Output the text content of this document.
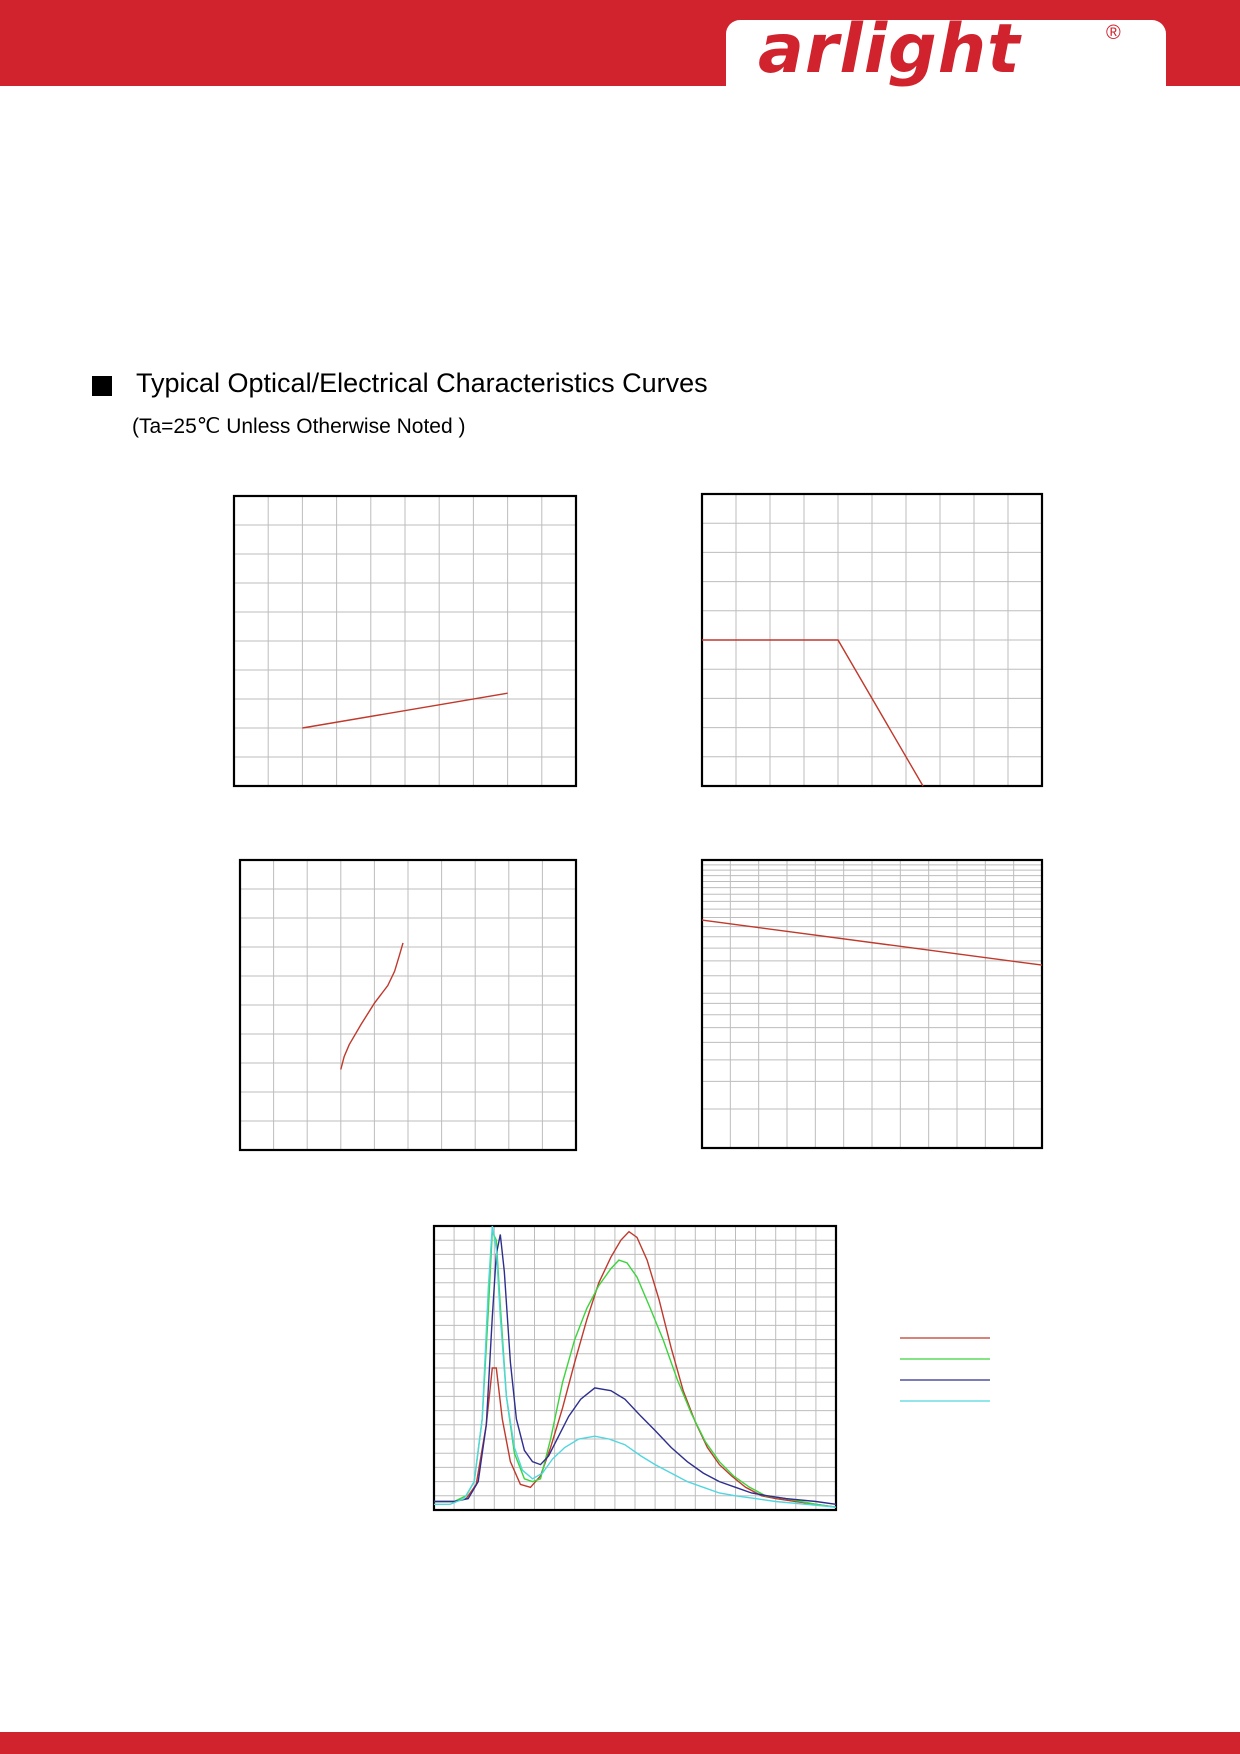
arlight	®
Typical Optical/Electrical Characteristics Curves
(Ta=25℃ Unless Otherwise Noted )
